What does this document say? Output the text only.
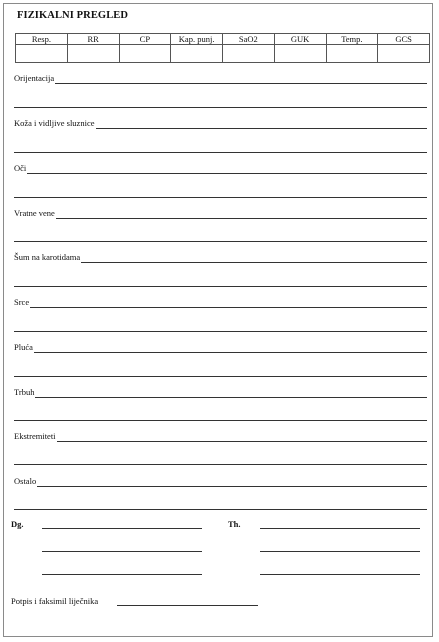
FIZIKALNI PREGLED
Resp.	RR	CP	Kap. punj.	SaO2	GUK	Temp.	GCS

Orijentacija
Koža i vidljive sluznice
Oči
Vratne vene
Šum na karotidama
Srce
Pluća
Trbuh
Ekstremiteti
Ostalo
Dg.	Th.
Potpis i faksimil liječnika
